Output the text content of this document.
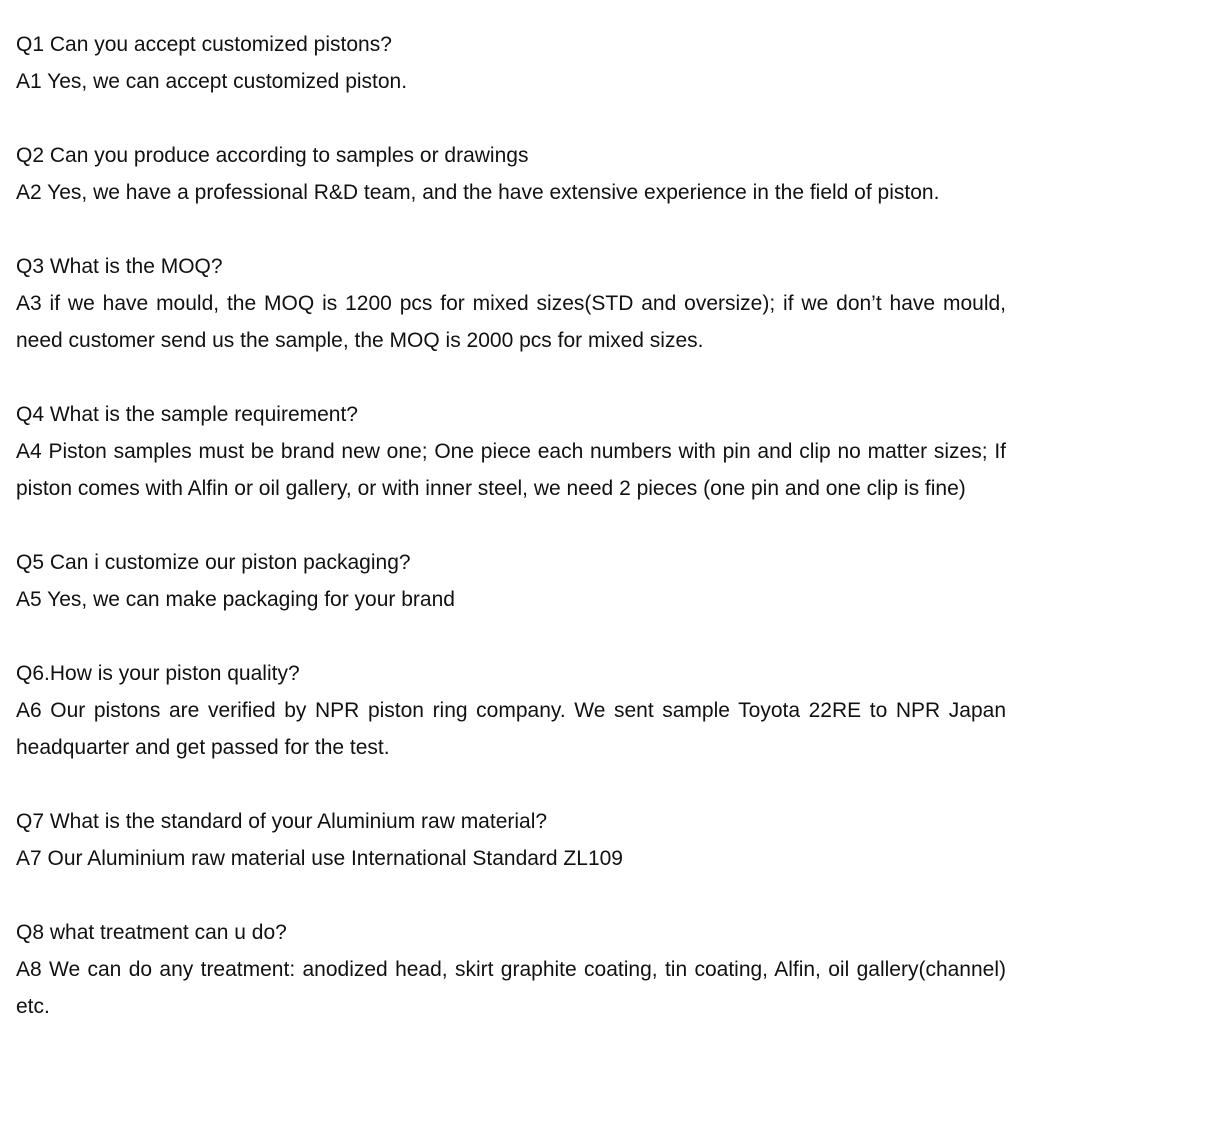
Q1 Can you accept customized pistons?
A1 Yes, we can accept customized piston.
Q2 Can you produce according to samples or drawings
A2 Yes, we have a professional R&D team, and the have extensive experience in the field of piston.
Q3 What is the MOQ?
A3 if we have mould, the MOQ is 1200 pcs for mixed sizes(STD and oversize); if we don’t have mould, need customer send us the sample, the MOQ is 2000 pcs for mixed sizes.
Q4 What is the sample requirement?
A4 Piston samples must be brand new one; One piece each numbers with pin and clip no matter sizes; If piston comes with Alfin or oil gallery, or with inner steel, we need 2 pieces (one pin and one clip is fine)
Q5 Can i customize our piston packaging?
A5 Yes, we can make packaging for your brand
Q6.How is your piston quality?
A6 Our pistons are verified by NPR piston ring company. We sent sample Toyota 22RE to NPR Japan headquarter and get passed for the test.
Q7 What is the standard of your Aluminium raw material?
A7 Our Aluminium raw material use International Standard ZL109
Q8 what treatment can u do?
A8 We can do any treatment: anodized head, skirt graphite coating, tin coating, Alfin, oil gallery(channel) etc.
